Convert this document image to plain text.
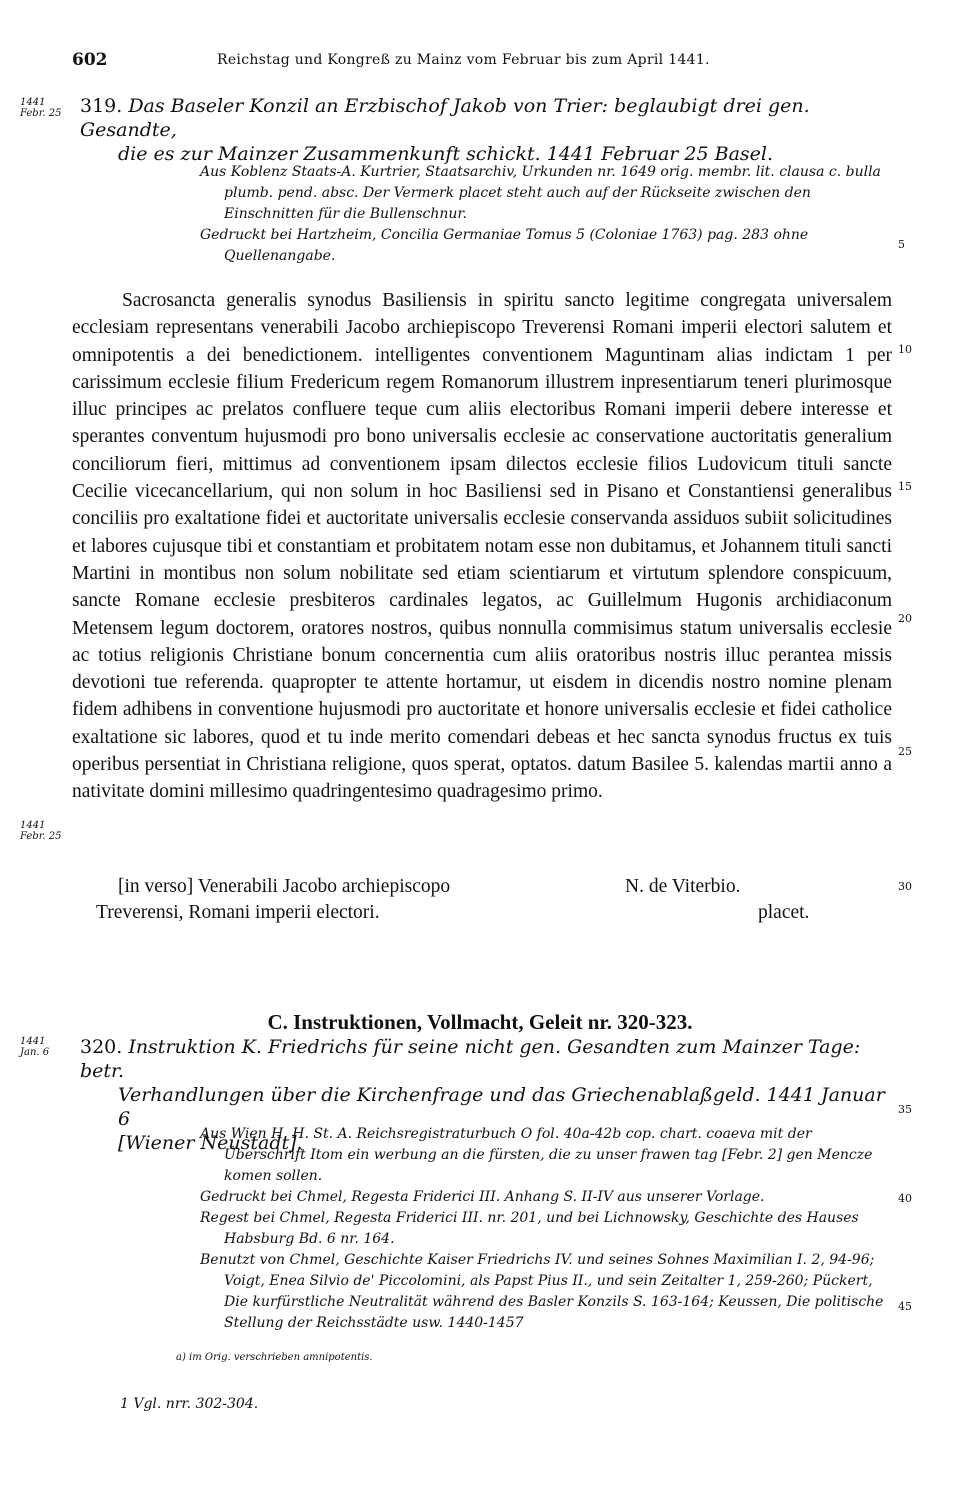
602	Reichstag und Kongreß zu Mainz vom Februar bis zum April 1441.
1441
Febr. 25 319. Das Baseler Konzil an Erzbischof Jakob von Trier: beglaubigt drei gen. Gesandte,
die es zur Mainzer Zusammenkunft schickt. 1441 Februar 25 Basel.

Aus Koblenz Staats-A. Kurtrier, Staatsarchiv, Urkunden nr. 1649 orig. membr. lit. clausa c. bulla plumb. pend. absc. Der Vermerk placet steht auch auf der Rückseite zwischen den Einschnitten für die Bullenschnur.

Gedruckt bei Hartzheim, Concilia Germaniae Tomus 5 (Coloniae 1763) pag. 283 ohne Quellenangabe.

5

Sacrosancta generalis synodus Basiliensis in spiritu sancto legitime congregata universalem ecclesiam representans venerabili Jacobo archiepiscopo Treverensi Romani imperii electori salutem et omnipotentis a dei benedictionem. intelligentes conventionem Maguntinam alias indictam 1 per carissimum ecclesie filium Fredericum regem Romanorum illustrem inpresentiarum teneri plurimosque illuc principes ac prelatos confluere teque cum aliis electoribus Romani imperii debere interesse et sperantes conventum hujusmodi pro bono universalis ecclesie ac conservatione auctoritatis generalium conciliorum fieri, mittimus ad conventionem ipsam dilectos ecclesie filios Ludovicum tituli sancte Cecilie vicecancellarium, qui non solum in hoc Basiliensi sed in Pisano et Constantiensi generalibus conciliis pro exaltatione fidei et auctoritate universalis ecclesie conservanda assiduos subiit solicitudines et labores cujusque tibi et constantiam et probitatem notam esse non dubitamus, et Johannem tituli sancti Martini in montibus non solum nobilitate sed etiam scientiarum et virtutum splendore conspicuum, sancte Romane ecclesie presbiteros cardinales legatos, ac Guillelmum Hugonis archidiaconum Metensem legum doctorem, oratores nostros, quibus nonnulla commisimus statum universalis ecclesie ac totius religionis Christiane bonum concernentia cum aliis oratoribus nostris illuc perantea missis devotioni tue referenda. quapropter te attente hortamur, ut eisdem in dicendis nostro nomine plenam fidem adhibens in conventione hujusmodi pro auctoritate et honore universalis ecclesie et fidei catholice exaltatione sic labores, quod et tu inde merito comendari debeas et hec sancta synodus fructus ex tuis operibus persentiat in Christiana religione, quos sperat, optatos. datum Basilee 5. kalendas martii anno a nativitate domini millesimo quadringentesimo quadragesimo primo.

10
15
20
25
1441
Febr. 25
[in verso] Venerabili Jacobo archiepiscopo
Treverensi, Romani imperii electori.
N. de Viterbio.
placet.
30
C. Instruktionen, Vollmacht, Geleit nr. 320-323.
1441
Jan. 6 320. Instruktion K. Friedrichs für seine nicht gen. Gesandten zum Mainzer Tage: betr.
Verhandlungen über die Kirchenfrage und das Griechenablaßgeld. 1441 Januar 6
[Wiener Neustadt].
35

Aus Wien H. H. St. A. Reichsregistraturbuch O fol. 40a-42b cop. chart. coaeva mit der Überschrift Itom ein werbung an die fürsten, die zu unser frawen tag [Febr. 2] gen Mencze komen sollen.

Gedruckt bei Chmel, Regesta Friderici III. Anhang S. II-IV aus unserer Vorlage.

Regest bei Chmel, Regesta Friderici III. nr. 201, und bei Lichnowsky, Geschichte des Hauses Habsburg Bd. 6 nr. 164.

Benutzt von Chmel, Geschichte Kaiser Friedrichs IV. und seines Sohnes Maximilian I. 2, 94-96; Voigt, Enea Silvio de' Piccolomini, als Papst Pius II., und sein Zeitalter 1, 259-260; Pückert, Die kurfürstliche Neutralität während des Basler Konzils S. 163-164; Keussen, Die politische Stellung der Reichsstädte usw. 1440-1457

40
45
a) im Orig. verschrieben amnipotentis.
1 Vgl. nrr. 302-304.
